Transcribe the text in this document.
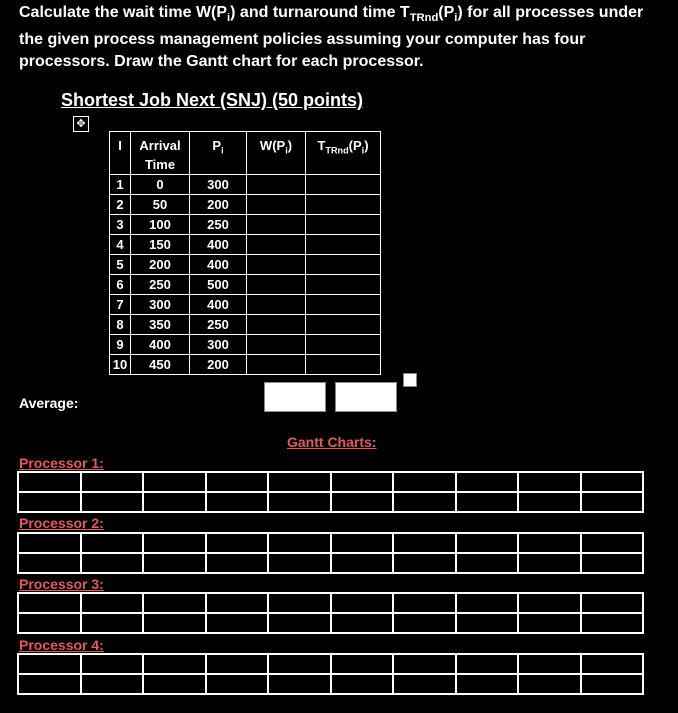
Calculate the wait time $W(P_i)$ and turnaround time $T_{TRnd}(P_i)$ for all processes under the given process management policies assuming your computer has four processors. Draw the Gantt chart for each processor.
Shortest Job Next (SNJ) (50 points)
✥
I	Arrival Time	$P_i$	$W(P_i)$	$T_{TRnd}(P_i)$
1	0	300		
2	50	200		
3	100	250		
4	150	400		
5	200	400		
6	250	500		
7	300	400		
8	350	250		
9	400	300		
10	450	200		
Average:
Gantt Charts:
Processor 1:
Processor 2:
Processor 3:
Processor 4:
